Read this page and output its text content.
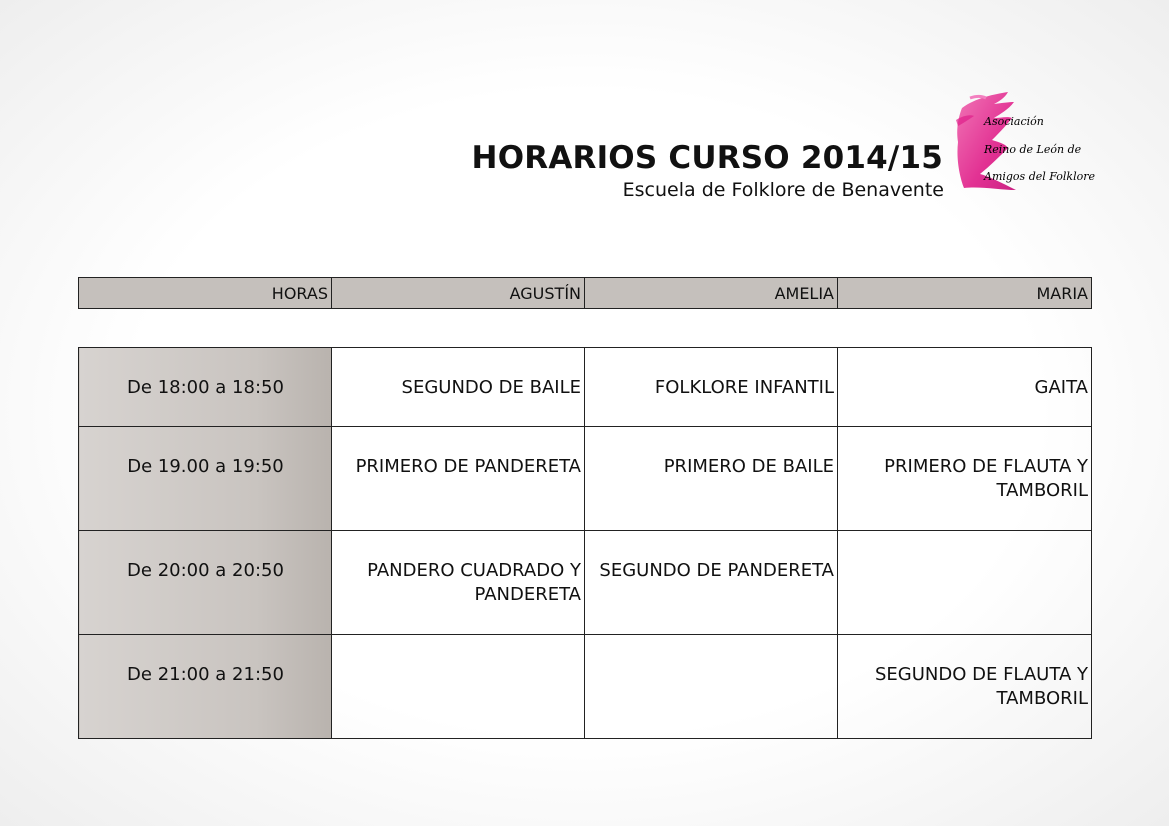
HORARIOS CURSO 2014/15
Escuela de Folklore de Benavente
Asociación
Reino de León de
Amigos del Folklore
HORAS	AGUSTÍN	AMELIA	MARIA
De 18:00 a 18:50	SEGUNDO DE BAILE	FOLKLORE INFANTIL	GAITA
De 19.00 a 19:50	PRIMERO DE PANDERETA	PRIMERO DE BAILE	PRIMERO DE FLAUTA Y TAMBORIL
De 20:00 a 20:50	PANDERO CUADRADO Y PANDERETA	SEGUNDO DE PANDERETA	
De 21:00 a 21:50			SEGUNDO DE FLAUTA Y TAMBORIL
